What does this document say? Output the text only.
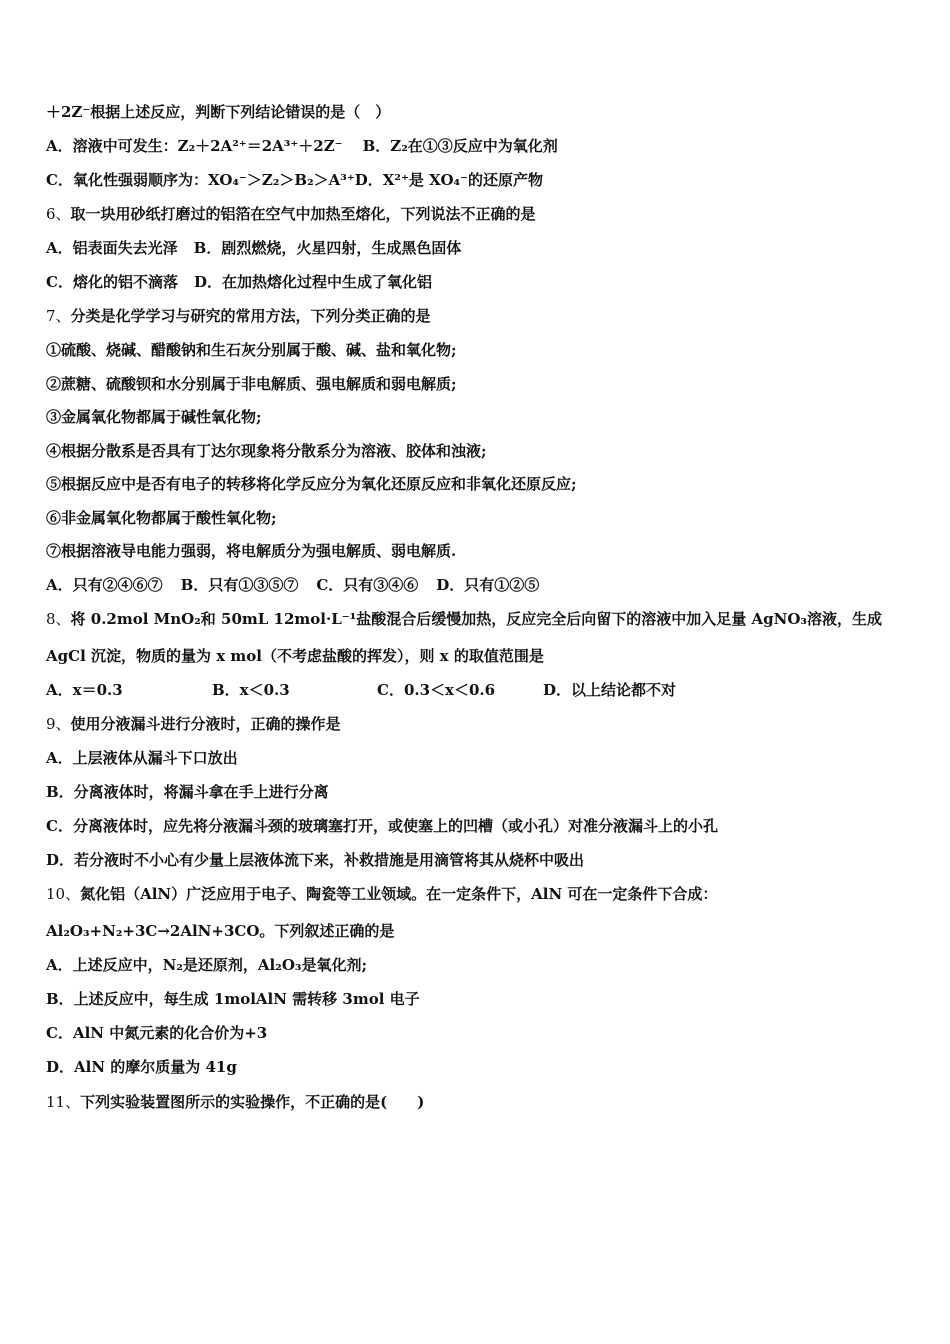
＋2Z⁻根据上述反应，判断下列结论错误的是（　）
A．溶液中可发生：Z₂＋2A²⁺＝2A³⁺＋2Z⁻ B．Z₂在①③反应中为氧化剂
C．氧化性强弱顺序为：XO₄⁻＞Z₂＞B₂＞A³⁺D．X²⁺是 XO₄⁻的还原产物
6、取一块用砂纸打磨过的铝箔在空气中加热至熔化，下列说法不正确的是
A．铝表面失去光泽 B．剧烈燃烧，火星四射，生成黑色固体
C．熔化的铝不滴落 D．在加热熔化过程中生成了氧化铝
7、分类是化学学习与研究的常用方法，下列分类正确的是
①硫酸、烧碱、醋酸钠和生石灰分别属于酸、碱、盐和氧化物;
②蔗糖、硫酸钡和水分别属于非电解质、强电解质和弱电解质;
③金属氧化物都属于碱性氧化物;
④根据分散系是否具有丁达尔现象将分散系分为溶液、胶体和浊液;
⑤根据反应中是否有电子的转移将化学反应分为氧化还原反应和非氧化还原反应;
⑥非金属氧化物都属于酸性氧化物;
⑦根据溶液导电能力强弱，将电解质分为强电解质、弱电解质.
A．只有②④⑥⑦ B．只有①③⑤⑦ C．只有③④⑥ D．只有①②⑤
8、将 0.2mol MnO₂和 50mL 12mol·L⁻¹盐酸混合后缓慢加热，反应完全后向留下的溶液中加入足量 AgNO₃溶液，生成
AgCl 沉淀，物质的量为 x mol（不考虑盐酸的挥发），则 x 的取值范围是
A．x＝0.3	B．x＜0.3	C．0.3＜x＜0.6	D．以上结论都不对
9、使用分液漏斗进行分液时，正确的操作是
A．上层液体从漏斗下口放出
B．分离液体时，将漏斗拿在手上进行分离
C．分离液体时，应先将分液漏斗颈的玻璃塞打开，或使塞上的凹槽（或小孔）对准分液漏斗上的小孔
D．若分液时不小心有少量上层液体流下来，补救措施是用滴管将其从烧杯中吸出
10、氮化铝（AlN）广泛应用于电子、陶瓷等工业领域。在一定条件下，AlN 可在一定条件下合成：
Al₂O₃+N₂+3C→2AlN+3CO。下列叙述正确的是
A．上述反应中，N₂是还原剂，Al₂O₃是氧化剂;
B．上述反应中，每生成 1molAlN 需转移 3mol 电子
C．AlN 中氮元素的化合价为+3
D．AlN 的摩尔质量为 41g
11、下列实验装置图所示的实验操作，不正确的是(　　)
